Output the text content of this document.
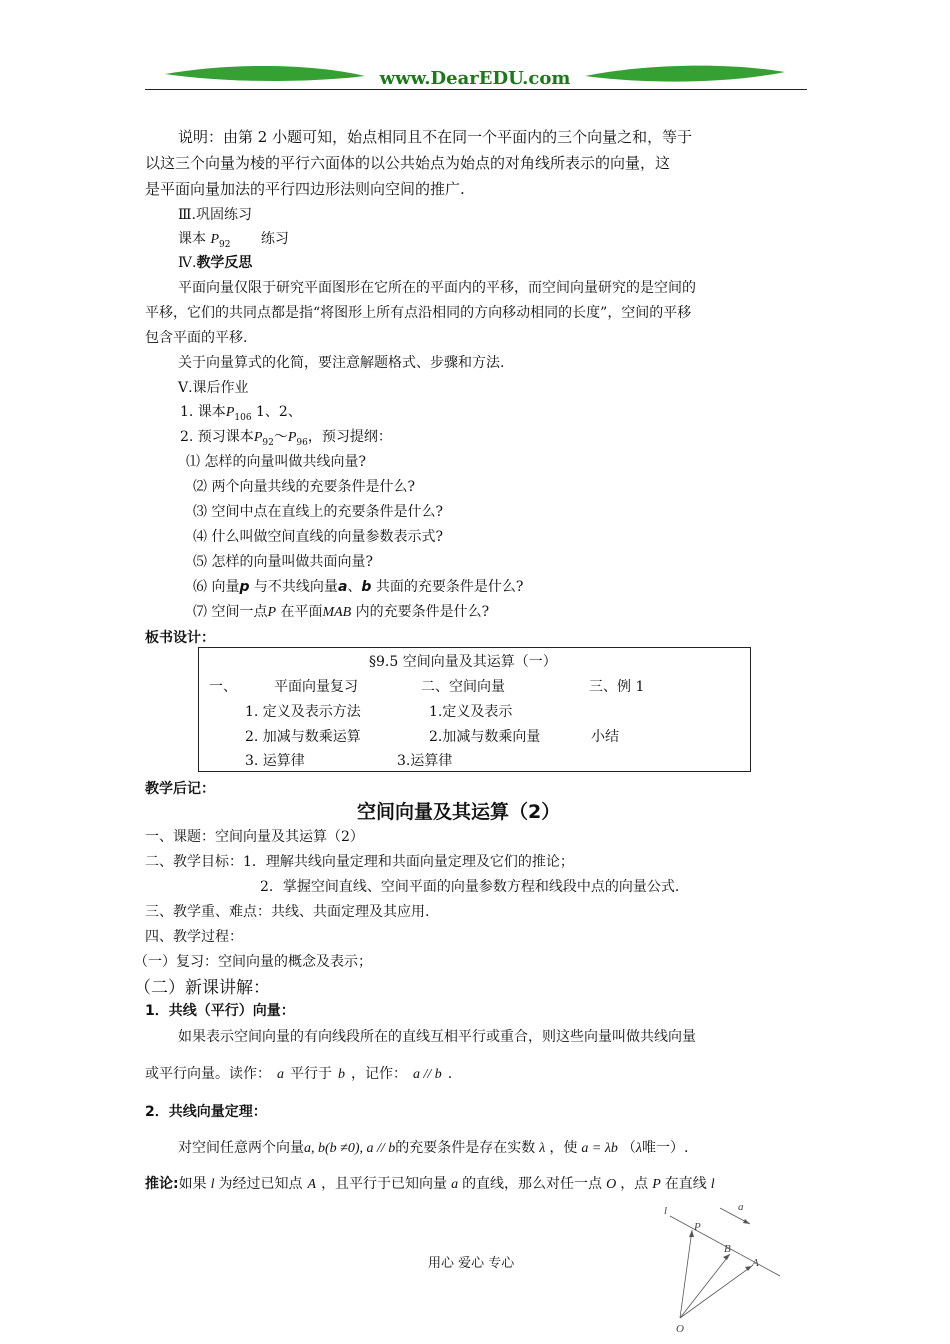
www.DearEDU.com
说明：由第 2 小题可知，始点相同且不在同一个平面内的三个向量之和，等于
以这三个向量为棱的平行六面体的以公共始点为始点的对角线所表示的向量，这
是平面向量加法的平行四边形法则向空间的推广.
Ⅲ.巩固练习
课本 $P_{92}$ 练习
Ⅳ.教学反思
平面向量仅限于研究平面图形在它所在的平面内的平移，而空间向量研究的是空间的
平移，它们的共同点都是指“将图形上所有点沿相同的方向移动相同的长度”，空间的平移
包含平面的平移.
关于向量算式的化简，要注意解题格式、步骤和方法.
Ⅴ.课后作业
1. 课本$P_{106}$ 1、2、
2. 预习课本$P_{92}\sim P_{96}$，预习提纲：
⑴ 怎样的向量叫做共线向量?
⑵ 两个向量共线的充要条件是什么?
⑶ 空间中点在直线上的充要条件是什么?
⑷ 什么叫做空间直线的向量参数表示式?
⑸ 怎样的向量叫做共面向量?
⑹ 向量p 与不共线向量a、b 共面的充要条件是什么?
⑺ 空间一点P 在平面MAB 内的充要条件是什么?
板书设计：
§9.5 空间向量及其运算（一）
一、	平面向量复习	二、空间向量	三、例 1
1. 定义及表示方法	1.定义及表示
2. 加减与数乘运算	2.加减与数乘向量	小结
3. 运算律	3.运算律
教学后记：
空间向量及其运算（2）
一、课题：空间向量及其运算（2）
二、教学目标：1．理解共线向量定理和共面向量定理及它们的推论；
2．掌握空间直线、空间平面的向量参数方程和线段中点的向量公式.
三、教学重、难点：共线、共面定理及其应用.
四、教学过程：
（一）复习：空间向量的概念及表示；
（二）新课讲解：
1．共线（平行）向量：
如果表示空间向量的有向线段所在的直线互相平行或重合，则这些向量叫做共线向量
或平行向量。读作： a 平行于 b ，记作： a // b .
2．共线向量定理：
对空间任意两个向量a, b(b ≠0), a // b的充要条件是存在实数 λ ，使 a = λb （λ唯一）.
推论:如果 l 为经过已知点 A ，且平行于已知向量 a 的直线，那么对任一点 O ，点 P 在直线 l
l	a
P
B
A
O
用心 爱心 专心
